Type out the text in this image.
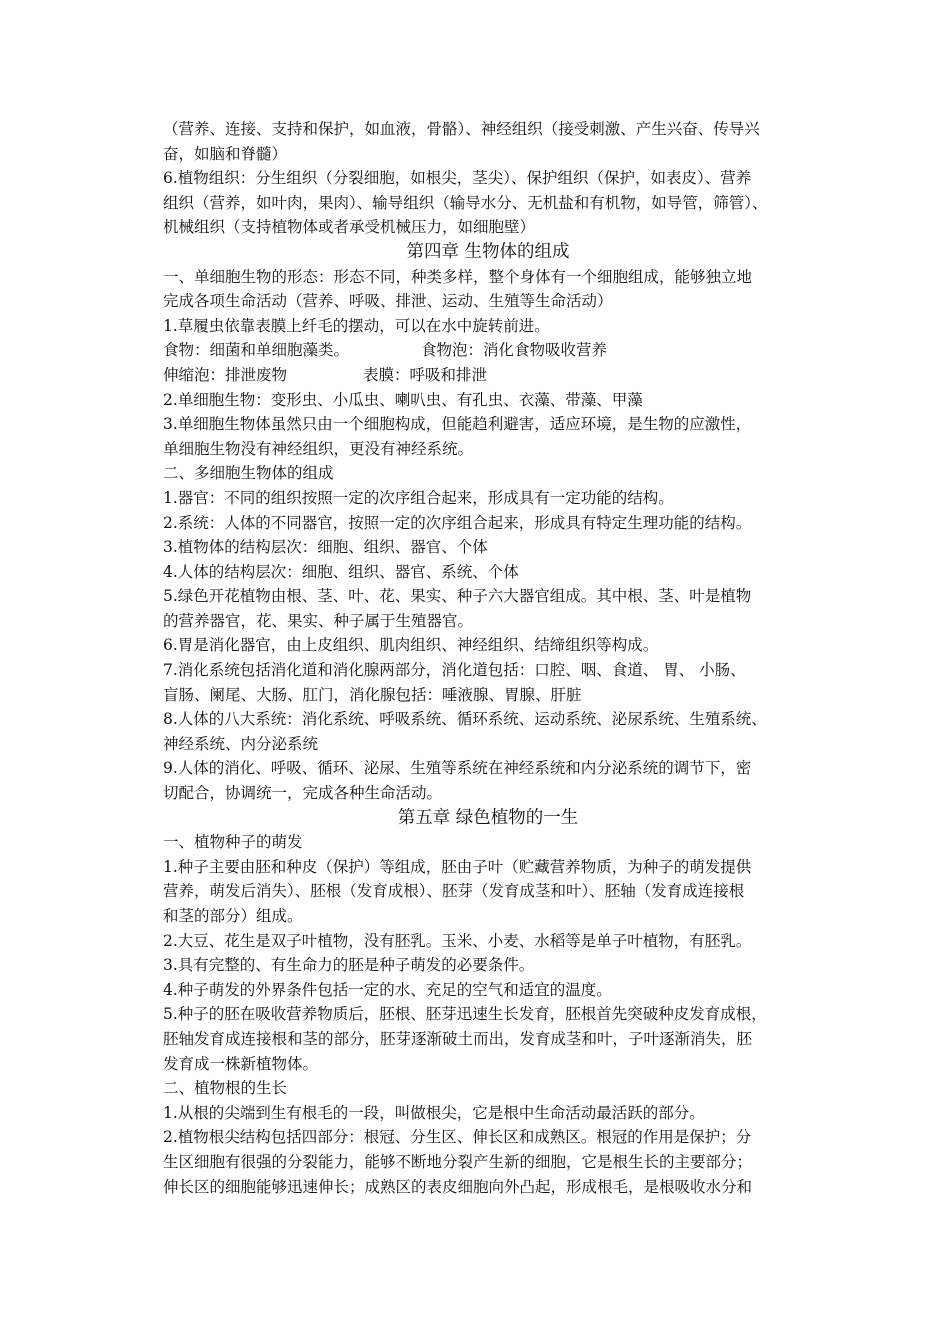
（营养、连接、支持和保护，如血液，骨骼）、神经组织（接受刺激、产生兴奋、传导兴
奋，如脑和脊髓）
6.植物组织：分生组织（分裂细胞，如根尖，茎尖）、保护组织（保护，如表皮）、营养
组织（营养，如叶肉，果肉）、输导组织（输导水分、无机盐和有机物，如导管，筛管）、
机械组织（支持植物体或者承受机械压力，如细胞壁）
第四章 生物体的组成
一、单细胞生物的形态：形态不同，种类多样，整个身体有一个细胞组成，能够独立地
完成各项生命活动（营养、呼吸、排泄、运动、生殖等生命活动）
1.草履虫依靠表膜上纤毛的摆动，可以在水中旋转前进。
食物：细菌和单细胞藻类。	食物泡：消化食物吸收营养
伸缩泡：排泄废物	表膜：呼吸和排泄
2.单细胞生物：变形虫、小瓜虫、喇叭虫、有孔虫、衣藻、带藻、甲藻
3.单细胞生物体虽然只由一个细胞构成，但能趋利避害，适应环境，是生物的应激性，
单细胞生物没有神经组织，更没有神经系统。
二、多细胞生物体的组成
1.器官：不同的组织按照一定的次序组合起来，形成具有一定功能的结构。
2.系统：人体的不同器官，按照一定的次序组合起来，形成具有特定生理功能的结构。
3.植物体的结构层次：细胞、组织、器官、个体
4.人体的结构层次：细胞、组织、器官、系统、个体
5.绿色开花植物由根、茎、叶、花、果实、种子六大器官组成。其中根、茎、叶是植物
的营养器官，花、果实、种子属于生殖器官。
6.胃是消化器官，由上皮组织、肌肉组织、神经组织、结缔组织等构成。
7.消化系统包括消化道和消化腺两部分，消化道包括：口腔、咽、食道、 胃、 小肠、
盲肠、阑尾、大肠、肛门，消化腺包括：唾液腺、胃腺、肝脏
8.人体的八大系统：消化系统、呼吸系统、循环系统、运动系统、泌尿系统、生殖系统、
神经系统、内分泌系统
9.人体的消化、呼吸、循环、泌尿、生殖等系统在神经系统和内分泌系统的调节下，密
切配合，协调统一，完成各种生命活动。
第五章 绿色植物的一生
一、植物种子的萌发
1.种子主要由胚和种皮（保护）等组成，胚由子叶（贮藏营养物质，为种子的萌发提供
营养，萌发后消失）、胚根（发育成根）、胚芽（发育成茎和叶）、胚轴（发育成连接根
和茎的部分）组成。
2.大豆、花生是双子叶植物，没有胚乳。玉米、小麦、水稻等是单子叶植物，有胚乳。
3.具有完整的、有生命力的胚是种子萌发的必要条件。
4.种子萌发的外界条件包括一定的水、充足的空气和适宜的温度。
5.种子的胚在吸收营养物质后，胚根、胚芽迅速生长发育，胚根首先突破种皮发育成根，
胚轴发育成连接根和茎的部分，胚芽逐渐破土而出，发育成茎和叶，子叶逐渐消失，胚
发育成一株新植物体。
二、植物根的生长
1.从根的尖端到生有根毛的一段，叫做根尖，它是根中生命活动最活跃的部分。
2.植物根尖结构包括四部分：根冠、分生区、伸长区和成熟区。根冠的作用是保护；分
生区细胞有很强的分裂能力，能够不断地分裂产生新的细胞，它是根生长的主要部分；
伸长区的细胞能够迅速伸长；成熟区的表皮细胞向外凸起，形成根毛，是根吸收水分和
